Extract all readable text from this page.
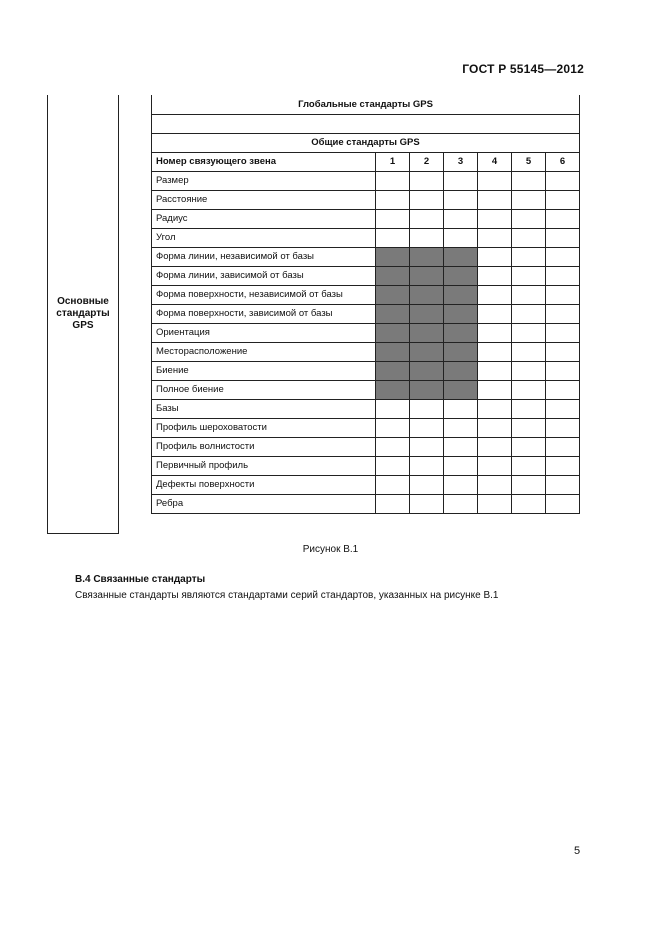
ГОСТ Р 55145—2012
Основные
стандарты
GPS
Глобальные стандарты GPS						

Общие стандарты GPS						
Номер связующего звена	1	2	3	4	5	6
Размер						
Расстояние						
Радиус						
Угол						
Форма линии, независимой от базы						
Форма линии, зависимой от базы						
Форма поверхности, независимой от базы						
Форма поверхности, зависимой от базы						
Ориентация						
Месторасположение						
Биение						
Полное биение						
Базы						
Профиль шероховатости						
Профиль волнистости						
Первичный профиль						
Дефекты поверхности						
Ребра						
Рисунок В.1
В.4 Связанные стандарты
Связанные стандарты являются стандартами серий стандартов, указанных на рисунке В.1
5
